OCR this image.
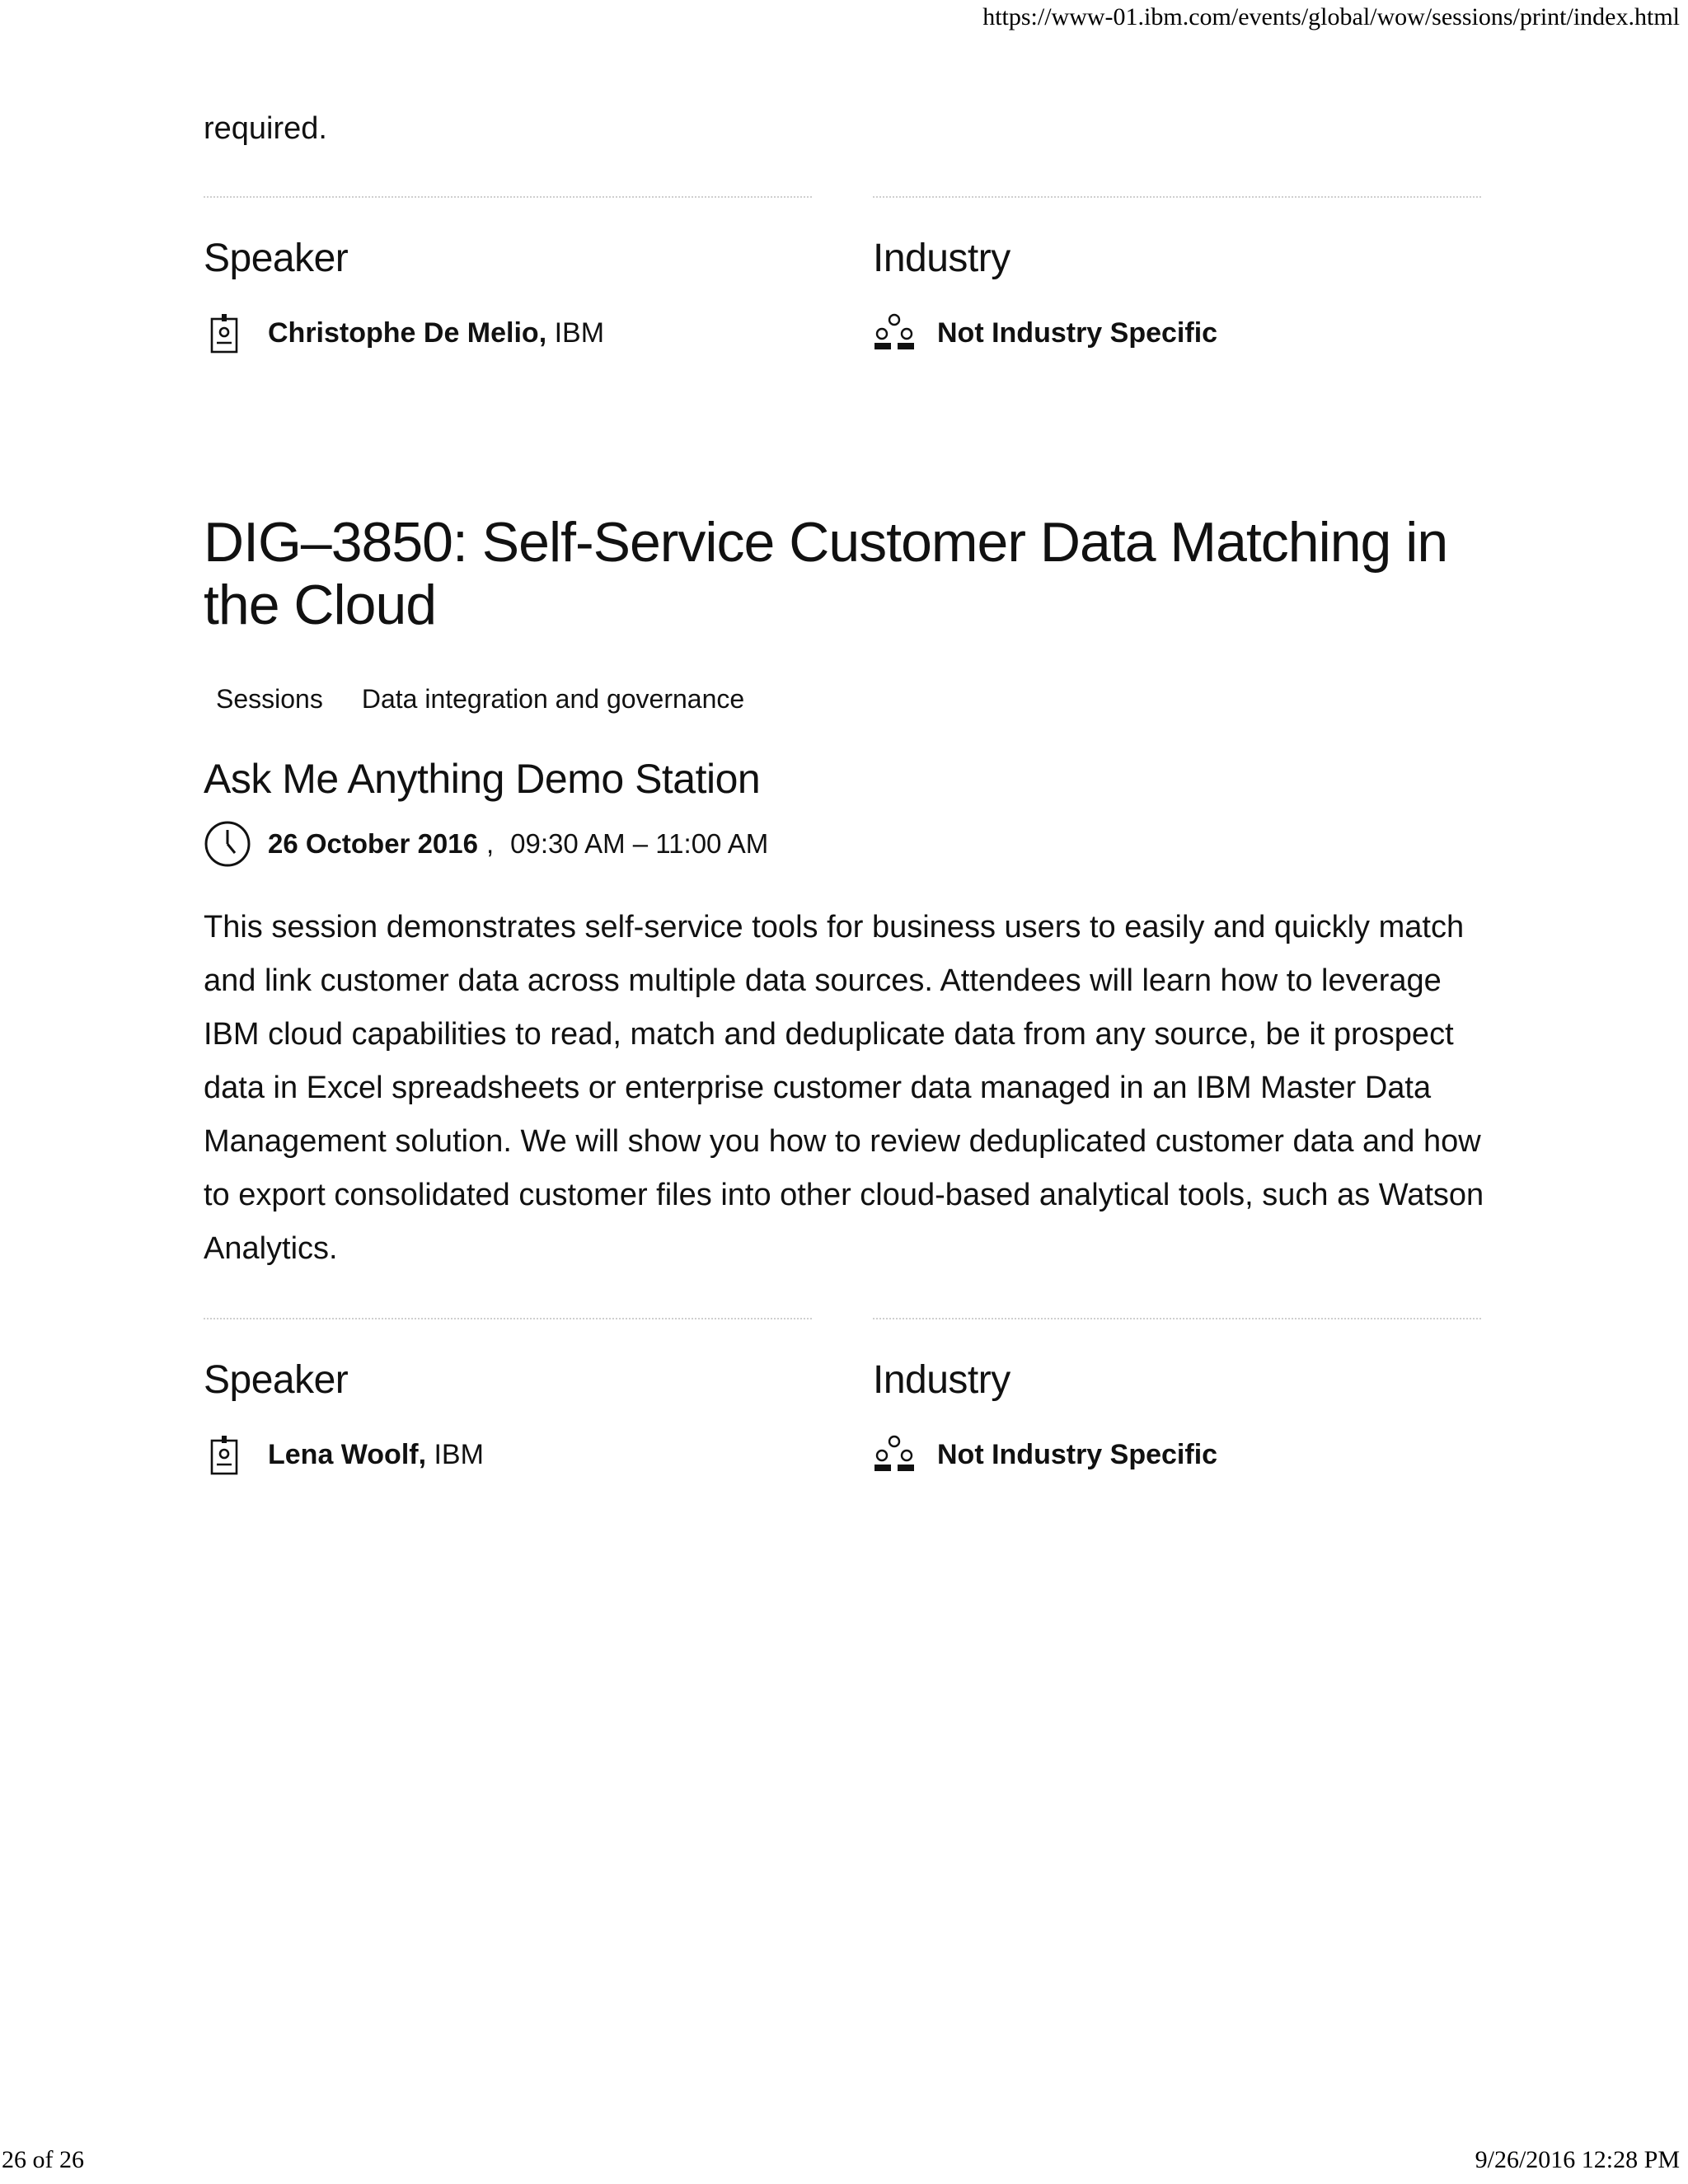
https://www-01.ibm.com/events/global/wow/sessions/print/index.html
required.
Speaker
Christophe De Melio, IBM
Industry
Not Industry Specific
DIG–3850: Self-Service Customer Data Matching in the Cloud
Sessions Data integration and governance
Ask Me Anything Demo Station
26 October 2016 , 09:30 AM – 11:00 AM
This session demonstrates self-service tools for business users to easily and quickly match and link customer data across multiple data sources. Attendees will learn how to leverage IBM cloud capabilities to read, match and deduplicate data from any source, be it prospect data in Excel spreadsheets or enterprise customer data managed in an IBM Master Data Management solution. We will show you how to review deduplicated customer data and how to export consolidated customer files into other cloud-based analytical tools, such as Watson Analytics.
Speaker
Lena Woolf, IBM
Industry
Not Industry Specific
26 of 26	9/26/2016 12:28 PM
